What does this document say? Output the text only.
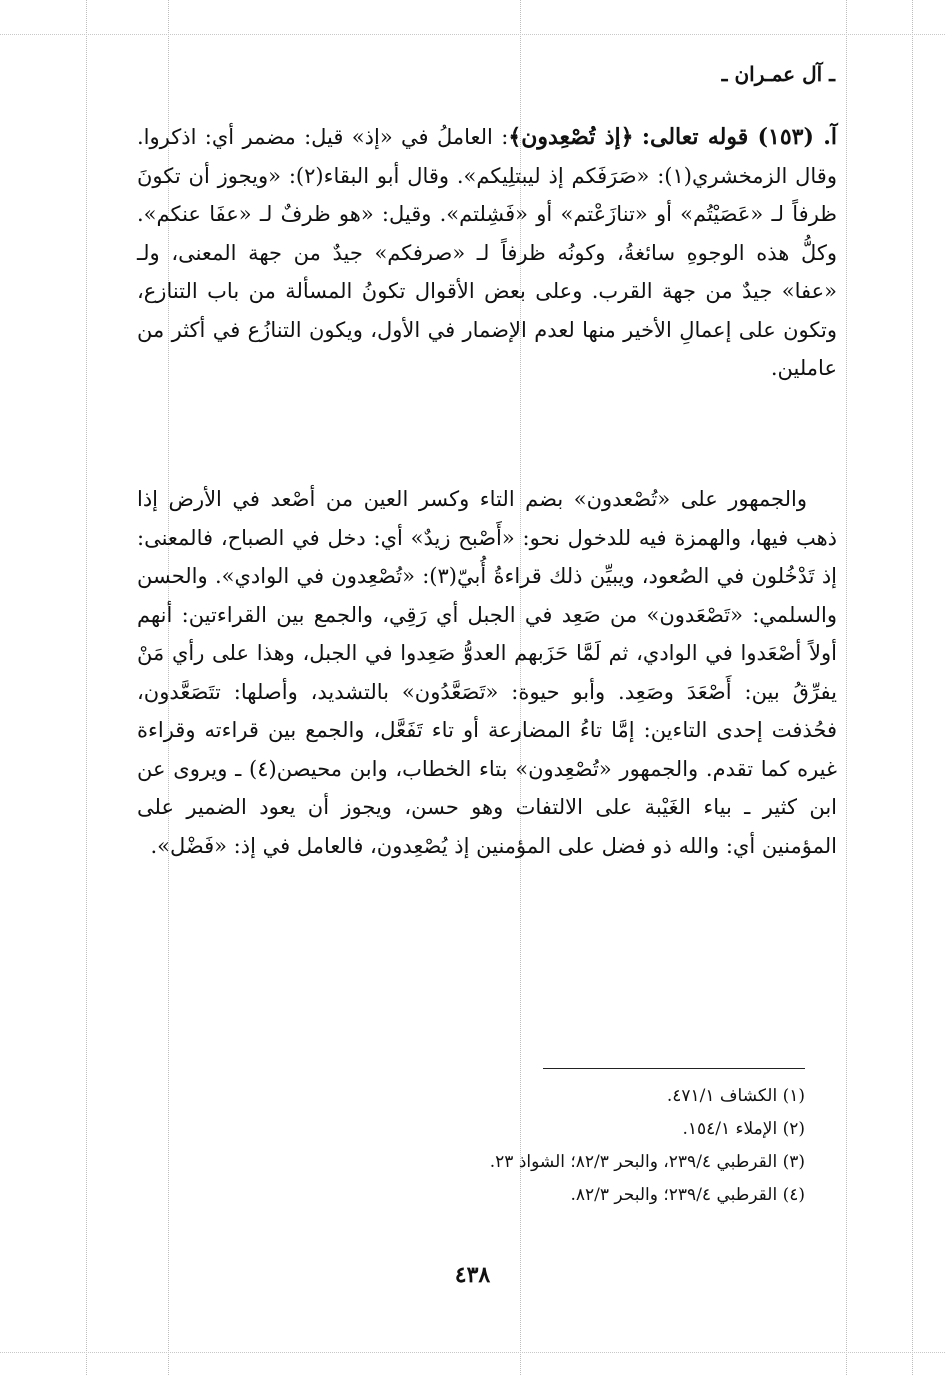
ـ آل عمـران ـ

آ. (١٥٣) قوله تعالى: ﴿إذ تُصْعِدون﴾: العاملُ في «إذ» قيل: مضمر أي: اذكروا. وقال الزمخشري(١): «صَرَفَكم إذ ليبتلِيكم». وقال أبو البقاء(٢): «ويجوز أن تكونَ ظرفاً لـ «عَصَيْتُم» أو «تنازَعْتم» أو «فَشِلتم». وقيل: «هو ظرفٌ لـ «عفَا عنكم». وكلُّ هذه الوجوهِ سائغةُ، وكونُه ظرفاً لـ «صرفكم» جيدٌ من جهة المعنى، ولـ «عفا» جيدٌ من جهة القرب. وعلى بعض الأقوال تكونُ المسألة من باب التنازع، وتكون على إعمالِ الأخير منها لعدم الإضمار في الأول، ويكون التنازُع في أكثر من عاملين.

والجمهور على «تُصْعدون» بضم التاء وكسر العين من أصْعد في الأرض إذا ذهب فيها، والهمزة فيه للدخول نحو: «أَصْبح زيدٌ» أي: دخل في الصباح، فالمعنى: إذ تَدْخُلون في الصُعود، ويبيِّن ذلك قراءةُ أُبيّ(٣): «تُصْعِدون في الوادي». والحسن والسلمي: «تَصْعَدون» من صَعِد في الجبل أي رَقِي، والجمع بين القراءتين: أنهم أولاً أصْعَدوا في الوادي، ثم لَمَّا حَزَبهم العدوُّ صَعِدوا في الجبل، وهذا على رأي مَنْ يفرِّقُ بين: أَصْعَدَ وصَعِد. وأبو حيوة: «تَصَعَّدُون» بالتشديد، وأصلها: تتَصَعَّدون، فحُذفت إحدى التاءين: إمَّا تاءُ المضارعة أو تاء تَفَعَّل، والجمع بين قراءته وقراءة غيره كما تقدم. والجمهور «تُصْعِدون» بتاء الخطاب، وابن محيصن(٤) ـ ويروى عن ابن كثير ـ بياء الغَيْبة على الالتفات وهو حسن، ويجوز أن يعود الضمير على المؤمنين أي: والله ذو فضل على المؤمنين إذ يُصْعِدون، فالعامل في إذ: «فَضْل».

(١) الكشاف ٤٧١/١.
(٢) الإملاء ١٥٤/١.
(٣) القرطبي ٢٣٩/٤، والبحر ٨٢/٣؛ الشواذ ٢٣.
(٤) القرطبي ٢٣٩/٤؛ والبحر ٨٢/٣.
٤٣٨
